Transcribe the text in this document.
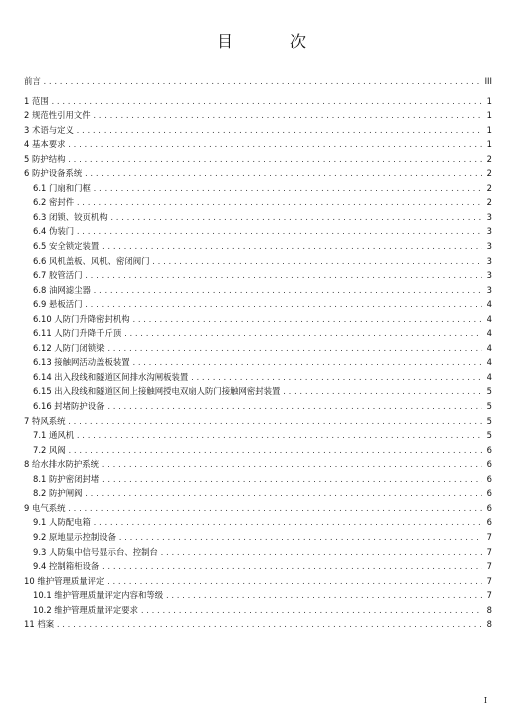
目 次
前言 .....	III
1 范围 .....	1
2 规范性引用文件 .....	1
3 术语与定义 .....	1
4 基本要求 .....	1
5 防护结构 .....	2
6 防护设备系统 .....	2
6.1 门扇和门框 .....	2
6.2 密封件 .....	2
6.3 闭锁、铰页机构 .....	3
6.4 伪装门 .....	3
6.5 安全锁定装置 .....	3
6.6 风机盖板、风机、密闭阀门 .....	3
6.7 胶管活门 .....	3
6.8 油网滤尘器 .....	3
6.9 悬板活门 .....	4
6.10 人防门升降密封机构 .....	4
6.11 人防门升降千斤顶 .....	4
6.12 人防门闭锁梁 .....	4
6.13 接触网活动盖板装置 .....	4
6.14 出入段线和隧道区间排水沟闸板装置 .....	4
6.15 出入段线和隧道区间上接触网授电双扇人防门接触网密封装置 .....	5
6.16 封堵防护设备 .....	5
7 特风系统 .....	5
7.1 通风机 .....	5
7.2 风阀 .....	6
8 给水排水防护系统 .....	6
8.1 防护密闭封堵 .....	6
8.2 防护闸阀 .....	6
9 电气系统 .....	6
9.1 人防配电箱 .....	6
9.2 原地显示控制设备 .....	7
9.3 人防集中信号显示台、控制台 .....	7
9.4 控制箱柜设备 .....	7
10 维护管理质量评定 .....	7
10.1 维护管理质量评定内容和等级 .....	7
10.2 维护管理质量评定要求 .....	8
11 档案 .....	8
I
